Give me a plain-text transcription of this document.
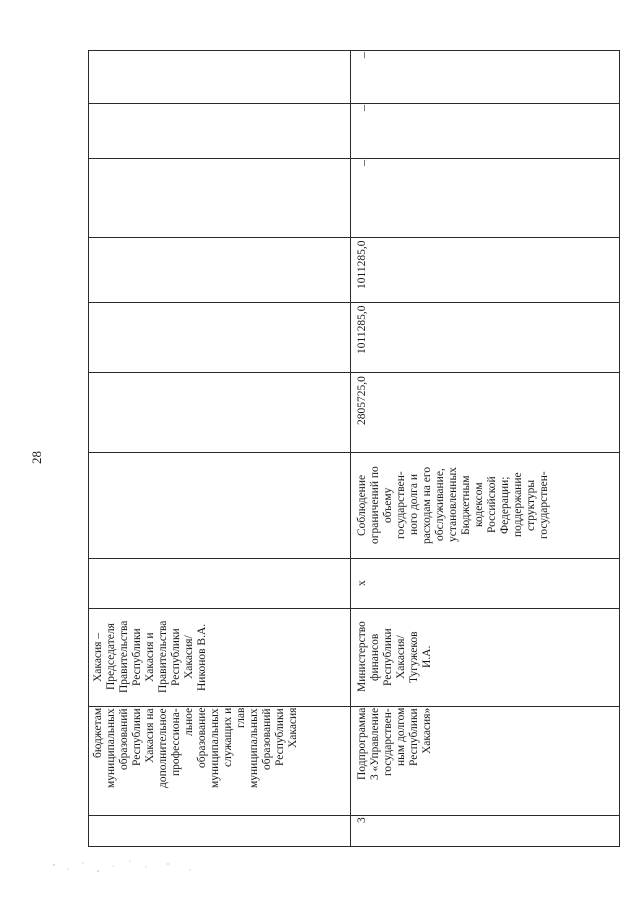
28
бюджетам
муниципальных
образований
Республики
Хакасия на
дополнительное
профессиона-
льное
образование
муниципальных
служащих и
глав
муниципальных
образований
Республики
Хакасия
Хакасия –
Председателя
Правительства
Республики
Хакасия и
Правительства
Республики
Хакасия/
Никонов В.А.
3
Подпрограмма
3 «Управление
государствен-
ным долгом
Республики
Хакасия»
Министерство
финансов
Республики
Хакасия/
Тугужеков
И.А.
x
Соблюдение
ограничений по
объему
государствен-
ного долга и
расходам на его
обслуживание,
установленных
Бюджетным
кодексом
Российской
Федерации;
поддержание
структуры
государствен-
2805725,0
1011285,0
1011285,0
–
–
–
